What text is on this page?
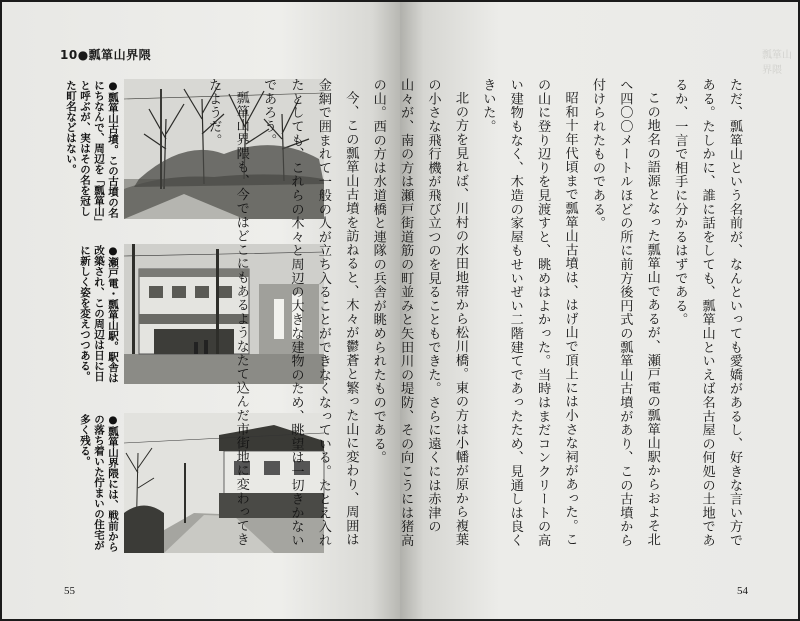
10●瓢箪山界隈	瓢箪山界隈
●瓢箪山古墳。この古墳の名にちなんで、周辺を「瓢箪山」と呼ぶが、実はその名を冠した町名などはない。
●瀬戸電・瓢箪山駅。駅舎は改築され、この周辺は日に日に新しく姿を変えつつある。
●瓢箪山界隈には、戦前からの落ち着いた佇まいの住宅が多く残る。	ただ、瓢箪山という名前が、なんといっても愛嬌があるし、好きな言い方である。たしかに、誰に話をしても、瓢箪山といえば名古屋の何処の土地であるか、一言で相手に分かるはずである。

この地名の語源となった瓢箪山であるが、瀬戸電の瓢箪山駅からおよそ北へ四〇〇メートルほどの所に前方後円式の瓢箪山古墳があり、この古墳から付けられたものである。

昭和十年代頃まで瓢箪山古墳は、はげ山で頂上には小さな祠があった。この山に登り辺りを見渡すと、眺めはよかった。当時はまだコンクリートの高い建物もなく、木造の家屋もせいぜい二階建てであったため、見通しは良くきいた。

北の方を見れば、川村の水田地帯から松川橋。東の方は小幡が原から複葉の小さな飛行機が飛び立つのを見ることもできた。さらに遠くには赤津の山々が、南の方は瀬戸街道筋の町並みと矢田川の堤防、その向こうには猪高の山。西の方は水道橋と連隊の兵舎が眺められたものである。

今、この瓢箪山古墳を訪ねると、木々が鬱蒼と繁った山に変わり、周囲は金網で囲まれて一般の人が立ち入ることができなくなっている。たとえ入れたとしても、これらの木々と周辺の大きな建物のため、眺望は一切きかないであろう。

瓢箪山界隈も、今ではどこにもあるようなたて込んだ市街地に変わってきたようだ。

55	54
